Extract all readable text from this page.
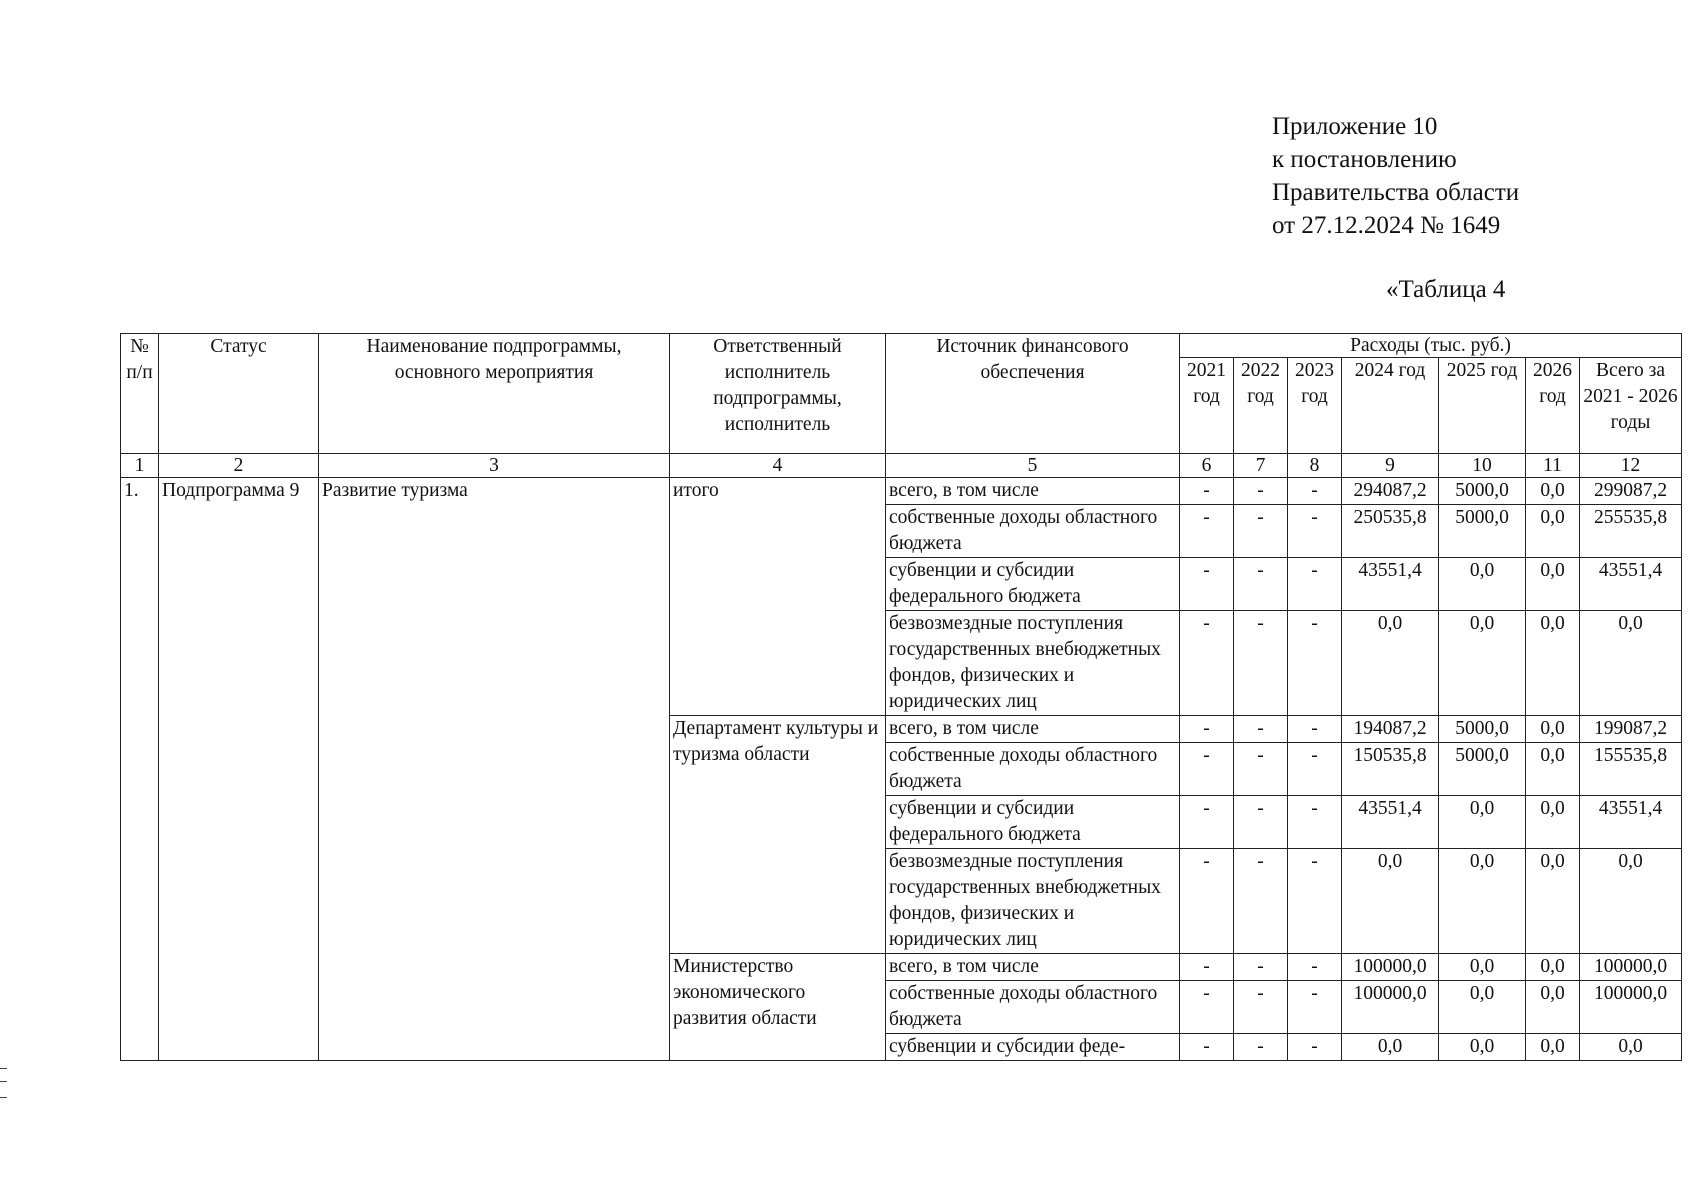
Приложение 10
к постановлению
Правительства области
от 27.12.2024 № 1649
«Таблица 4
№ п/п	Статус	Наименование подпрограммы, основного мероприятия	Ответственный исполнитель подпрограммы, исполнитель	Источник финансового обеспечения	Расходы (тыс. руб.)						
					2021 год	2022 год	2023 год	2024 год	2025 год	2026 год	Всего за 2021 - 2026 годы
1	2	3	4	5	6	7	8	9	10	11	12
1.	Подпрограмма 9	Развитие туризма	итого	всего, в том числе	-	-	-	294087,2	5000,0	0,0	299087,2
				собственные доходы областного бюджета	-	-	-	250535,8	5000,0	0,0	255535,8
				субвенции и субсидии федерального бюджета	-	-	-	43551,4	0,0	0,0	43551,4
				безвозмездные поступления государственных внебюджетных фондов, физических и юридических лиц	-	-	-	0,0	0,0	0,0	0,0
			Департамент культуры и туризма области	всего, в том числе	-	-	-	194087,2	5000,0	0,0	199087,2
				собственные доходы областного бюджета	-	-	-	150535,8	5000,0	0,0	155535,8
				субвенции и субсидии федерального бюджета	-	-	-	43551,4	0,0	0,0	43551,4
				безвозмездные поступления государственных внебюджетных фондов, физических и юридических лиц	-	-	-	0,0	0,0	0,0	0,0
			Министерство экономического развития области	всего, в том числе	-	-	-	100000,0	0,0	0,0	100000,0
				собственные доходы областного бюджета	-	-	-	100000,0	0,0	0,0	100000,0
				субвенции и субсидии феде-	-	-	-	0,0	0,0	0,0	0,0
